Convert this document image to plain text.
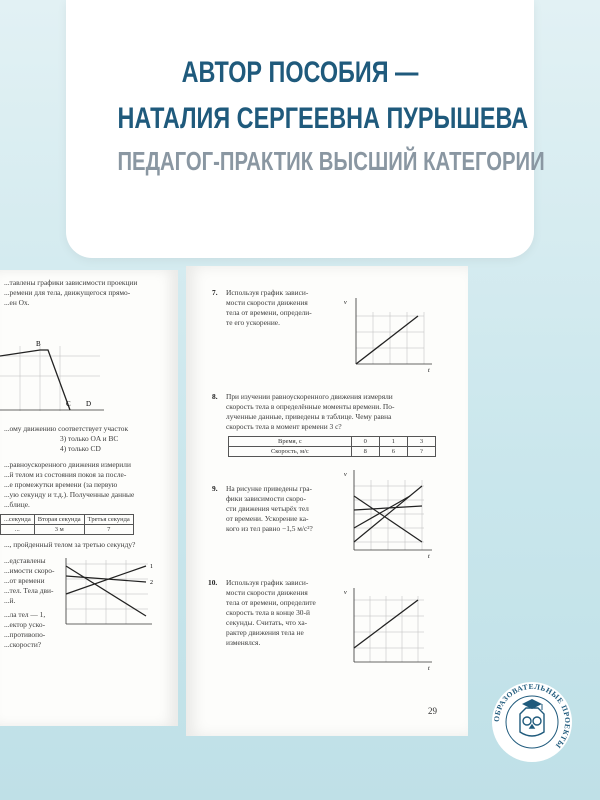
АВТОР ПОСОБИЯ —
НАТАЛИЯ СЕРГЕЕВНА ПУРЫШЕВА
ПЕДАГОГ-ПРАКТИК ВЫСШИЙ КАТЕГОРИИ
...тавлены графики зависимости проекции
...ремени для тела, движущегося прямо-
...ен Ox.
B
C D
...ому движению соответствует участок
3) только OA и BC
4) только CD
...равноускоренного движения измерили
...й телом из состояния покоя за после-
...е промежутки времени (за первую
...ую секунду и т.д.). Полученные данные
...блице.
...секунда	Вторая секунда	Третья секунда
...	3 м	7
..., пройденный телом за третью секунду?
...едставлены
...имости скоро-
...от времени
...тел. Тела дви-
...й.
...ла тел — 1,
...ектор уско-
...противопо-
...скорости?
1
2
7. Используя график зависи-
мости скорости движения
тела от времени, определи-
те его ускорение.
v
t
8. При изучении равноускоренного движения измеряли
скорость тела в определённые моменты времени. По-
лученные данные, приведены в таблице. Чему равна
скорость тела в момент времени 3 с?
Время, с	0	1	3
Скорость, м/с	8	6	?
9. На рисунке приведены гра-
фики зависимости скоро-
сти движения четырёх тел
от времени. Ускорение ка-
кого из тел равно −1,5 м/с²?
v
t
10. Используя график зависи-
мости скорости движения
тела от времени, определите
скорость тела в конце 30-й
секунды. Считать, что ха-
рактер движения тела не
изменялся.
v
t
29
ОБРАЗОВАТЕЛЬНЫЕ ПРОЕКТЫ
